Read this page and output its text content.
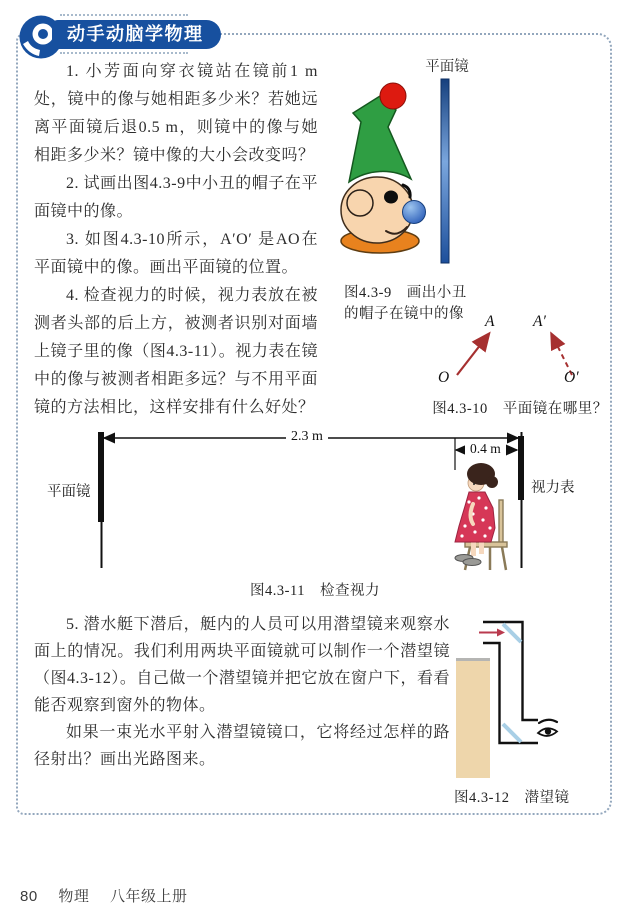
动手动脑学物理

1. 小芳面向穿衣镜站在镜前1 m处，镜中的像与她相距多少米？若她远离平面镜后退0.5 m，则镜中的像与她相距多少米？镜中像的大小会改变吗？

2. 试画出图4.3-9中小丑的帽子在平面镜中的像。

3. 如图4.3-10所示，A′O′ 是AO在平面镜中的像。画出平面镜的位置。

4. 检查视力的时候，视力表放在被测者头部的后上方，被测者识别对面墙上镜子里的像（图4.3-11）。视力表在镜中的像与被测者相距多远？与不用平面镜的方法相比，这样安排有什么好处？

平面镜
图4.3-9　画出小丑
的帽子在镜中的像 A A′
O	O′
图4.3-10　平面镜在哪里？
平面镜	视力表
2.3 m
0.4 m
图4.3-11　检查视力

5. 潜水艇下潜后，艇内的人员可以用潜望镜来观察水面上的情况。我们利用两块平面镜就可以制作一个潜望镜（图4.3-12）。自己做一个潜望镜并把它放在窗户下，看看能否观察到窗外的物体。

如果一束光水平射入潜望镜镜口，它将经过怎样的路径射出？画出光路图来。

图4.3-12　潜望镜
80 物理 八年级上册
